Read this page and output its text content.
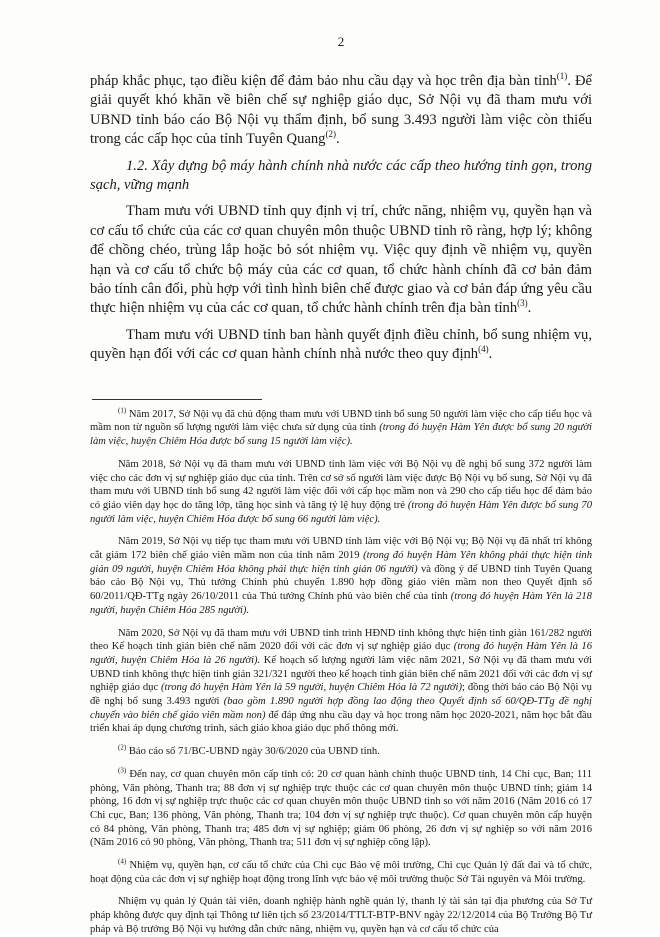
2

pháp khắc phục, tạo điều kiện để đảm bảo nhu cầu dạy và học trên địa bàn tỉnh$^{(1)}$. Để giải quyết khó khăn về biên chế sự nghiệp giáo dục, Sở Nội vụ đã tham mưu với UBND tỉnh báo cáo Bộ Nội vụ thẩm định, bổ sung 3.493 người làm việc còn thiếu trong các cấp học của tỉnh Tuyên Quang$^{(2)}$.

1.2. Xây dựng bộ máy hành chính nhà nước các cấp theo hướng tinh gọn, trong sạch, vững mạnh

Tham mưu với UBND tỉnh quy định vị trí, chức năng, nhiệm vụ, quyền hạn và cơ cấu tổ chức của các cơ quan chuyên môn thuộc UBND tỉnh rõ ràng, hợp lý; không để chồng chéo, trùng lắp hoặc bỏ sót nhiệm vụ. Việc quy định về nhiệm vụ, quyền hạn và cơ cấu tổ chức bộ máy của các cơ quan, tổ chức hành chính đã cơ bản đảm bảo tính cân đối, phù hợp với tình hình biên chế được giao và cơ bản đáp ứng yêu cầu thực hiện nhiệm vụ của các cơ quan, tổ chức hành chính trên địa bàn tỉnh$^{(3)}$.

Tham mưu với UBND tỉnh ban hành quyết định điều chỉnh, bổ sung nhiệm vụ, quyền hạn đối với các cơ quan hành chính nhà nước theo quy định$^{(4)}$.

$^{(1)}$ Năm 2017, Sở Nội vụ đã chủ động tham mưu với UBND tỉnh bổ sung 50 người làm việc cho cấp tiểu học và mầm non từ nguồn số lượng người làm việc chưa sử dụng của tỉnh (trong đó huyện Hàm Yên được bổ sung 20 người làm việc, huyện Chiêm Hóa được bổ sung 15 người làm việc).

Năm 2018, Sở Nội vụ đã tham mưu với UBND tỉnh làm việc với Bộ Nội vụ đề nghị bổ sung 372 người làm việc cho các đơn vị sự nghiệp giáo dục của tỉnh. Trên cơ sở số người làm việc được Bộ Nội vụ bổ sung, Sở Nội vụ đã tham mưu với UBND tỉnh bổ sung 42 người làm việc đối với cấp học mầm non và 290 cho cấp tiểu học để đảm bảo có giáo viên dạy học do tăng lớp, tăng học sinh và tăng tỷ lệ huy động trẻ (trong đó huyện Hàm Yên được bổ sung 70 người làm việc, huyện Chiêm Hóa được bổ sung 66 người làm việc).

Năm 2019, Sở Nội vụ tiếp tục tham mưu với UBND tỉnh làm việc với Bộ Nội vụ; Bộ Nội vụ đã nhất trí không cắt giảm 172 biên chế giáo viên mầm non của tỉnh năm 2019 (trong đó huyện Hàm Yên không phải thực hiện tinh giản 09 người, huyện Chiêm Hóa không phải thực hiện tinh giản 06 người) và đồng ý để UBND tỉnh Tuyên Quang báo cáo Bộ Nội vụ, Thủ tướng Chính phủ chuyển 1.890 hợp đồng giáo viên mầm non theo Quyết định số 60/2011/QĐ-TTg ngày 26/10/2011 của Thủ tướng Chính phủ vào biên chế của tỉnh (trong đó huyện Hàm Yên là 218 người, huyện Chiêm Hóa 285 người).

Năm 2020, Sở Nội vụ đã tham mưu với UBND tỉnh trình HĐND tỉnh không thực hiện tinh giản 161/282 người theo Kế hoạch tinh giản biên chế năm 2020 đối với các đơn vị sự nghiệp giáo dục (trong đó huyện Hàm Yên là 16 người, huyện Chiêm Hóa là 26 người). Kế hoạch số lượng người làm việc năm 2021, Sở Nội vụ đã tham mưu với UBND tỉnh không thực hiện tinh giản 321/321 người theo kế hoạch tinh giản biên chế năm 2021 đối với các đơn vị sự nghiệp giáo dục (trong đó huyện Hàm Yên là 59 người, huyện Chiêm Hóa là 72 người); đồng thời báo cáo Bộ Nội vụ đề nghị bổ sung 3.493 người (bao gồm 1.890 người hợp đồng lao động theo Quyết định số 60/QĐ-TTg đề nghị chuyển vào biên chế giáo viên mầm non) để đáp ứng nhu cầu dạy và học trong năm học 2020-2021, năm học bắt đầu triển khai áp dụng chương trình, sách giáo khoa giáo dục phổ thông mới.

$^{(2)}$ Báo cáo số 71/BC-UBND ngày 30/6/2020 của UBND tỉnh.

$^{(3)}$ Đến nay, cơ quan chuyên môn cấp tỉnh có: 20 cơ quan hành chính thuộc UBND tỉnh, 14 Chi cục, Ban; 111 phòng, Văn phòng, Thanh tra; 88 đơn vị sự nghiệp trực thuộc các cơ quan chuyên môn thuộc UBND tỉnh; giảm 14 phòng, 16 đơn vị sự nghiệp trực thuộc các cơ quan chuyên môn thuộc UBND tỉnh so với năm 2016 (Năm 2016 có 17 Chi cục, Ban; 136 phòng, Văn phòng, Thanh tra; 104 đơn vị sự nghiệp trực thuộc). Cơ quan chuyên môn cấp huyện có 84 phòng, Văn phòng, Thanh tra; 485 đơn vị sự nghiệp; giảm 06 phòng, 26 đơn vị sự nghiệp so với năm 2016 (Năm 2016 có 90 phòng, Văn phòng, Thanh tra; 511 đơn vị sự nghiệp công lập).

$^{(4)}$ Nhiệm vụ, quyền hạn, cơ cấu tổ chức của Chi cục Bảo vệ môi trường, Chi cục Quản lý đất đai và tổ chức, hoạt động của các đơn vị sự nghiệp hoạt động trong lĩnh vực bảo vệ môi trường thuộc Sở Tài nguyên và Môi trường.

Nhiệm vụ quản lý Quản tài viên, doanh nghiệp hành nghề quản lý, thanh lý tài sản tại địa phương của Sở Tư pháp không được quy định tại Thông tư liên tịch số 23/2014/TTLT-BTP-BNV ngày 22/12/2014 của Bộ Trưởng Bộ Tư pháp và Bộ trưởng Bộ Nội vụ hướng dẫn chức năng, nhiệm vụ, quyền hạn và cơ cấu tổ chức của
